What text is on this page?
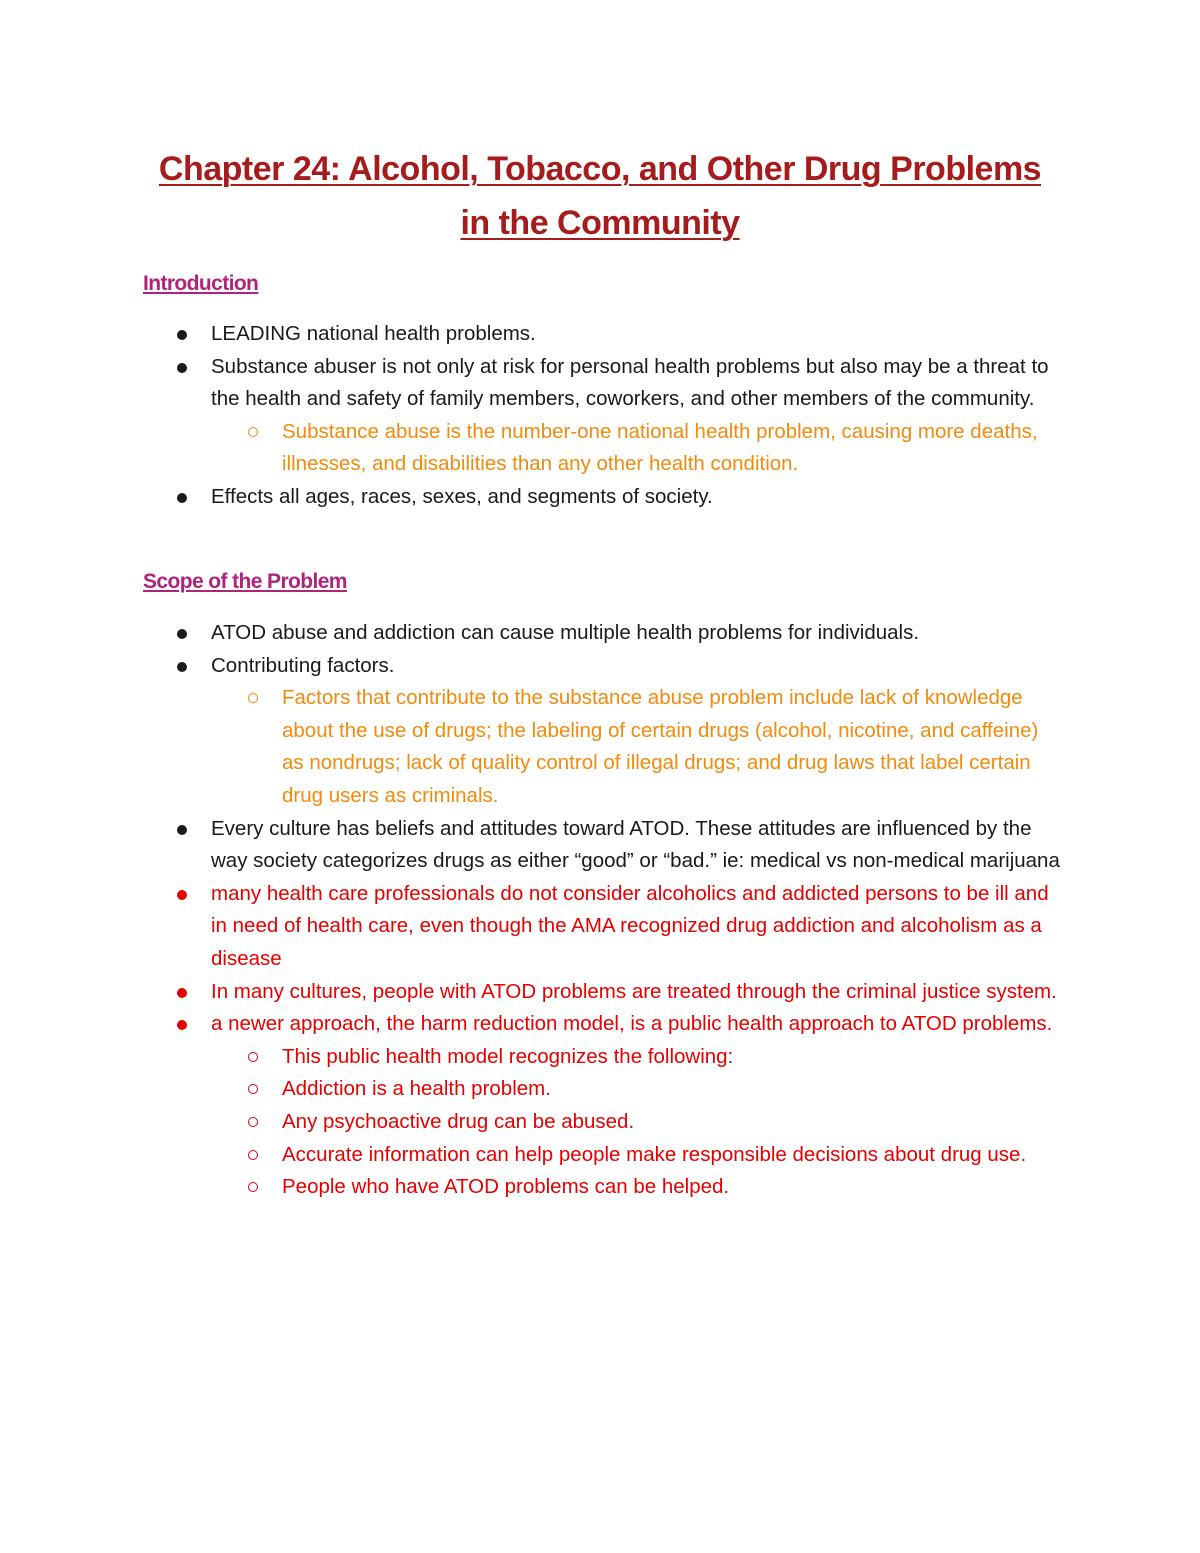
Chapter 24: Alcohol, Tobacco, and Other Drug Problems
in the Community
Introduction
LEADING national health problems.
Substance abuser is not only at risk for personal health problems but also may be a threat to the health and safety of family members, coworkers, and other members of the community.
Substance abuse is the number-one national health problem, causing more deaths, illnesses, and disabilities than any other health condition.
Effects all ages, races, sexes, and segments of society.
Scope of the Problem
ATOD abuse and addiction can cause multiple health problems for individuals.
Contributing factors.
Factors that contribute to the substance abuse problem include lack of knowledge about the use of drugs; the labeling of certain drugs (alcohol, nicotine, and caffeine) as nondrugs; lack of quality control of illegal drugs; and drug laws that label certain drug users as criminals.
Every culture has beliefs and attitudes toward ATOD. These attitudes are influenced by the way society categorizes drugs as either “good” or “bad.” ie: medical vs non-medical marijuana
many health care professionals do not consider alcoholics and addicted persons to be ill and in need of health care, even though the AMA recognized drug addiction and alcoholism as a disease
In many cultures, people with ATOD problems are treated through the criminal justice system.
a newer approach, the harm reduction model, is a public health approach to ATOD problems.
This public health model recognizes the following:
Addiction is a health problem.
Any psychoactive drug can be abused.
Accurate information can help people make responsible decisions about drug use.
People who have ATOD problems can be helped.
